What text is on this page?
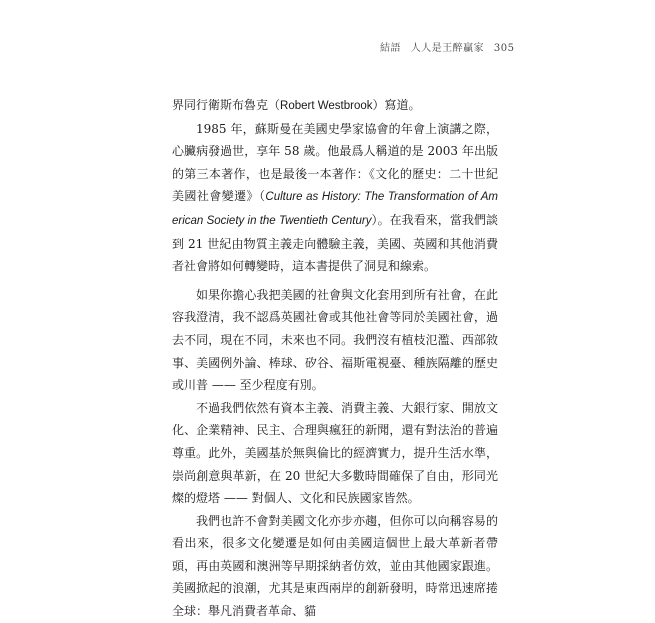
結語 人人是王醉贏家 305

界同行衛斯布魯克（Robert Westbrook）寫道。

1985 年，蘇斯曼在美國史學家協會的年會上演講之際，心臟病發過世，享年 58 歲。他最爲人稱道的是 2003 年出版的第三本著作，也是最後一本著作：《文化的歷史：二十世紀美國社會變遷》（Culture as History: The Transformation of American Society in the Twentieth Century）。在我看來，當我們談到 21 世紀由物質主義走向體驗主義，美國、英國和其他消費者社會將如何轉變時，這本書提供了洞見和線索。

如果你擔心我把美國的社會與文化套用到所有社會，在此容我澄清，我不認爲英國社會或其他社會等同於美國社會，過去不同，現在不同，未來也不同。我們沒有植枝氾濫、西部敘事、美國例外論、棒球、矽谷、福斯電視臺、種族隔離的歷史或川普 —— 至少程度有別。

不過我們依然有資本主義、消費主義、大銀行家、開放文化、企業精神、民主、合理與瘋狂的新聞，還有對法治的普遍尊重。此外，美國基於無與倫比的經濟實力，提升生活水準，崇尚創意與革新，在 20 世紀大多數時間確保了自由，形同光燦的燈塔 —— 對個人、文化和民族國家皆然。

我們也許不會對美國文化亦步亦趨，但你可以向稱容易的看出來，很多文化變遷是如何由美國這個世上最大革新者帶頭，再由英國和澳洲等早期採納者仿效，並由其他國家跟進。美國掀起的浪潮，尤其是東西兩岸的創新發明，時常迅速席捲全球：舉凡消費者革命、貓
